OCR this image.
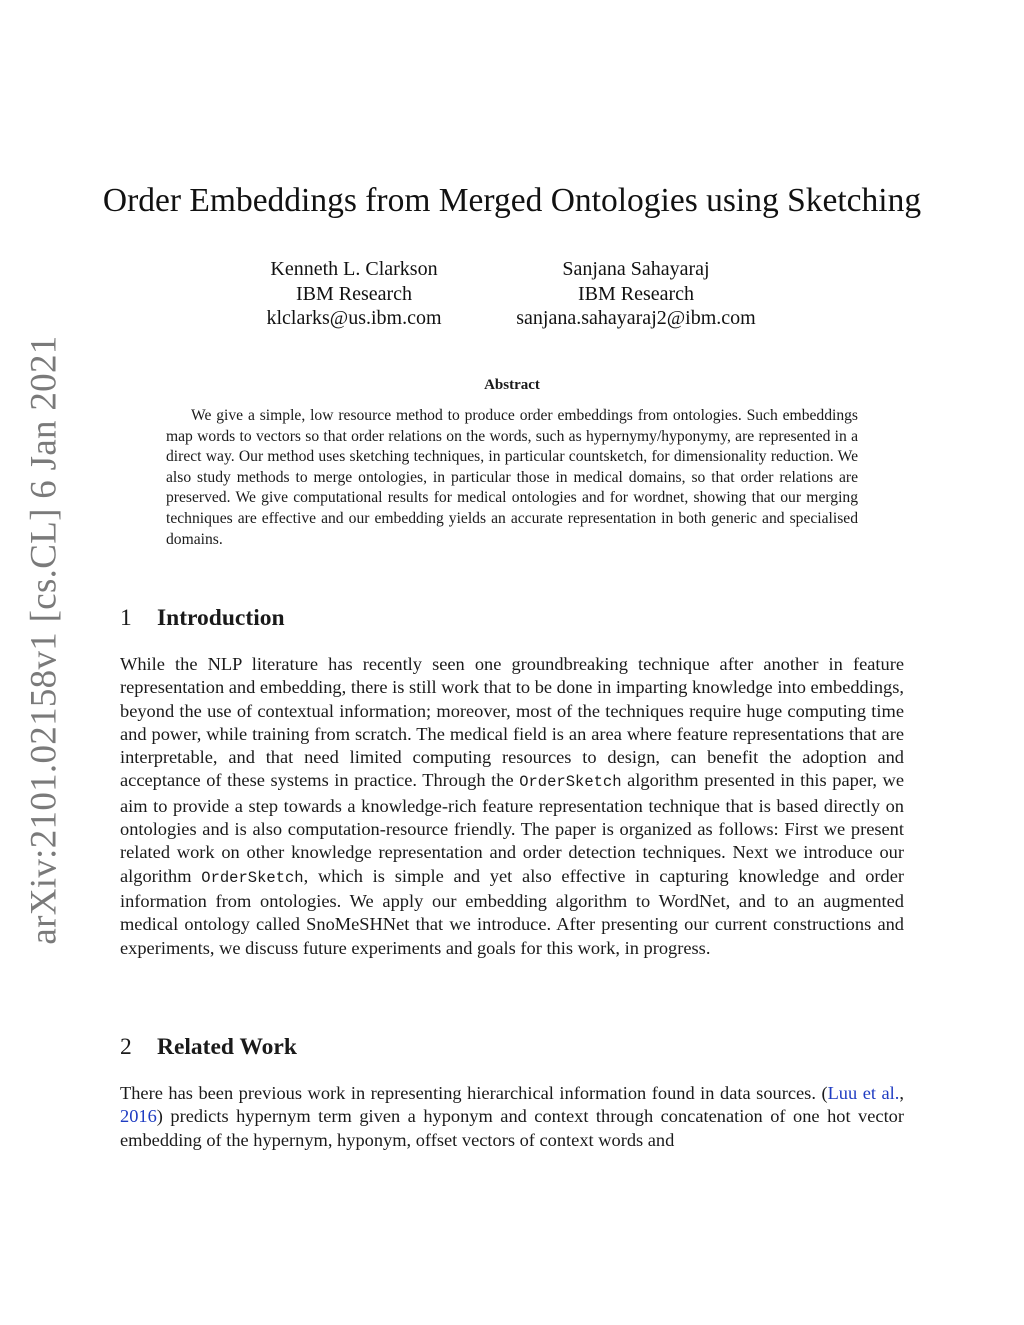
arXiv:2101.02158v1 [cs.CL] 6 Jan 2021
Order Embeddings from Merged Ontologies using Sketching
Kenneth L. Clarkson
IBM Research
klclarks@us.ibm.com
Sanjana Sahayaraj
IBM Research
sanjana.sahayaraj2@ibm.com
Abstract
We give a simple, low resource method to produce order embeddings from ontologies. Such embeddings map words to vectors so that order relations on the words, such as hypernymy/hyponymy, are represented in a direct way. Our method uses sketching techniques, in particular countsketch, for dimensionality reduction. We also study methods to merge ontologies, in particular those in medical domains, so that order relations are preserved. We give computational results for medical ontologies and for wordnet, showing that our merging techniques are effective and our embedding yields an accurate representation in both generic and specialised domains.
1 Introduction
While the NLP literature has recently seen one groundbreaking technique after another in feature representation and embedding, there is still work that to be done in imparting knowledge into embeddings, beyond the use of contextual information; moreover, most of the techniques require huge computing time and power, while training from scratch. The medical field is an area where feature representations that are interpretable, and that need limited computing resources to design, can benefit the adoption and acceptance of these systems in practice. Through the OrderSketch algorithm presented in this paper, we aim to provide a step towards a knowledge-rich feature representation technique that is based directly on ontologies and is also computation-resource friendly. The paper is organized as follows: First we present related work on other knowledge representation and order detection techniques. Next we introduce our algorithm OrderSketch, which is simple and yet also effective in capturing knowledge and order information from ontologies. We apply our embedding algorithm to WordNet, and to an augmented medical ontology called SnoMeSHNet that we introduce. After presenting our current constructions and experiments, we discuss future experiments and goals for this work, in progress.
2 Related Work
There has been previous work in representing hierarchical information found in data sources. (Luu et al., 2016) predicts hypernym term given a hyponym and context through concatenation of one hot vector embedding of the hypernym, hyponym, offset vectors of context words and
